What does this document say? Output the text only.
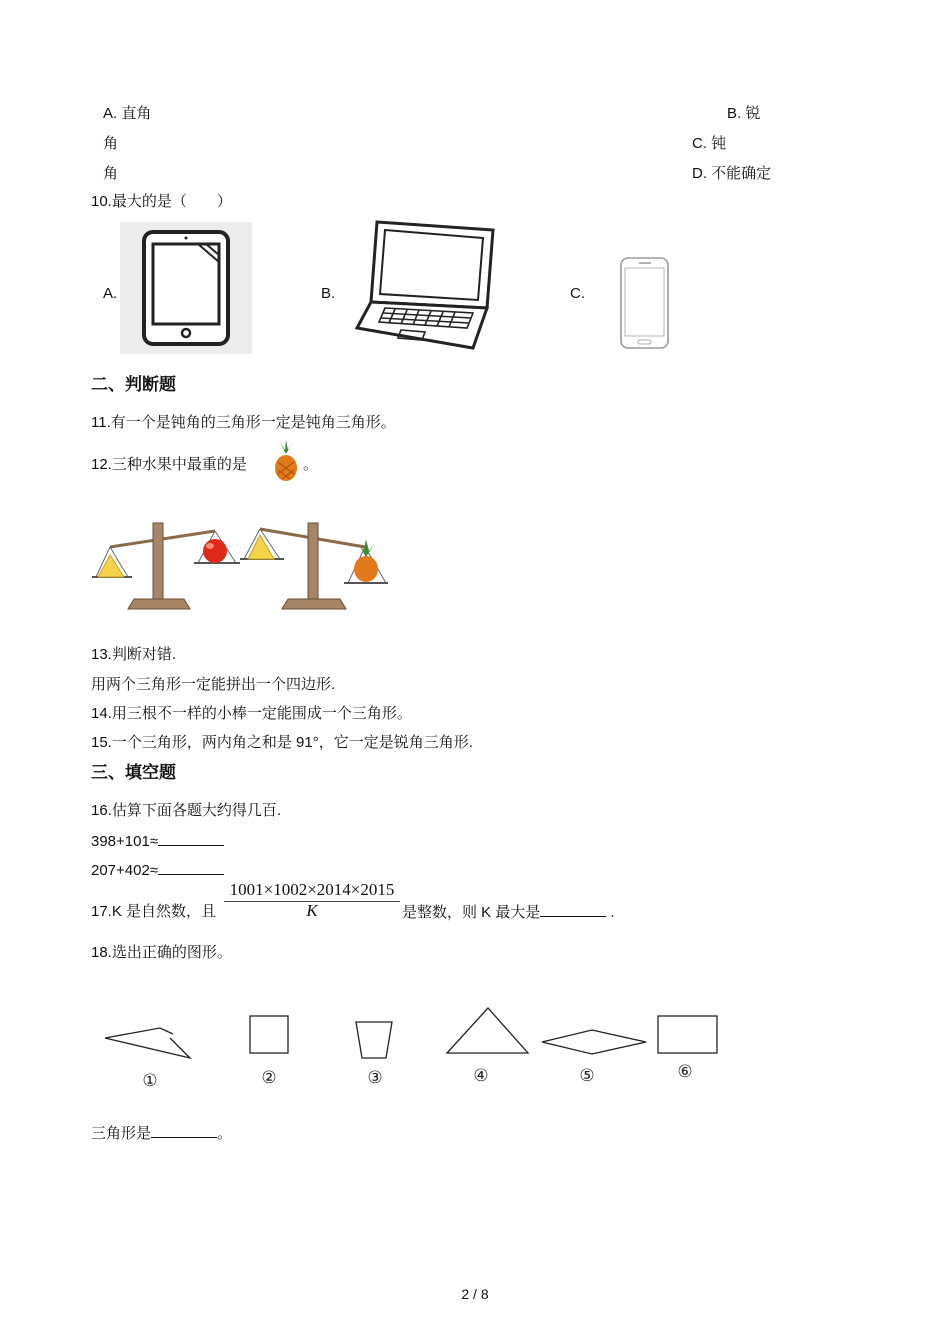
A. 直角	B. 锐
角	C. 钝
角	D. 不能确定
10.最大的是（　　）
A.	B.	C.
二、判断题
11.有一个是钝角的三角形一定是钝角三角形。
12.三种水果中最重的是	。
13.判断对错.
用两个三角形一定能拼出一个四边形.
14.用三根不一样的小棒一定能围成一个三角形。
15.一个三角形，两内角之和是 91°，它一定是锐角三角形.
三、填空题
16.估算下面各题大约得几百.
398+101≈
207+402≈
17.K 是自然数，且 $\frac{1001\times 1002\times 2014\times 2015}{K}$ 是整数，则 K 最大是	.
18.选出正确的图形。
①	②	③	④	⑤	⑥
三角形是	。
2 / 8
